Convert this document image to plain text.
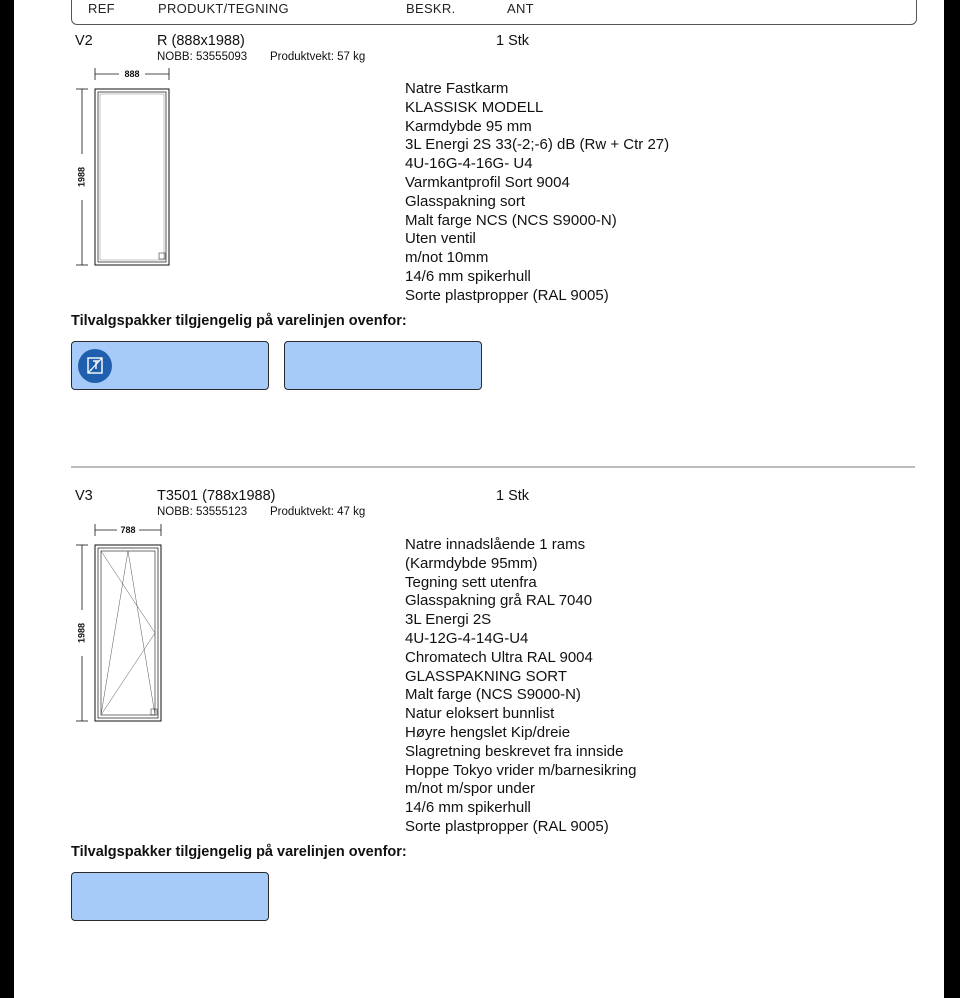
REF	PRODUKT/TEGNING	BESKR.	ANT
V2	R (888x1988)	1 Stk
NOBB: 53555093 Produktvekt: 57 kg
888
1988
Natre Fastkarm
KLASSISK MODELL
Karmdybde 95 mm
3L Energi 2S 33(-2;-6) dB (Rw + Ctr 27)
4U-16G-4-16G- U4
Varmkantprofil Sort 9004
Glasspakning sort
Malt farge NCS (NCS S9000-N)
Uten ventil
m/not 10mm
14/6 mm spikerhull
Sorte plastpropper (RAL 9005)
Tilvalgspakker tilgjengelig på varelinjen ovenfor:
V3	T3501 (788x1988)	1 Stk
NOBB: 53555123 Produktvekt: 47 kg
788
1988
Natre innadslående 1 rams
(Karmdybde 95mm)
Tegning sett utenfra
Glasspakning grå RAL 7040
3L Energi 2S
4U-12G-4-14G-U4
Chromatech Ultra RAL 9004
GLASSPAKNING SORT
Malt farge (NCS S9000-N)
Natur eloksert bunnlist
Høyre hengslet Kip/dreie
Slagretning beskrevet fra innside
Hoppe Tokyo vrider m/barnesikring
m/not m/spor under
14/6 mm spikerhull
Sorte plastpropper (RAL 9005)
Tilvalgspakker tilgjengelig på varelinjen ovenfor:
